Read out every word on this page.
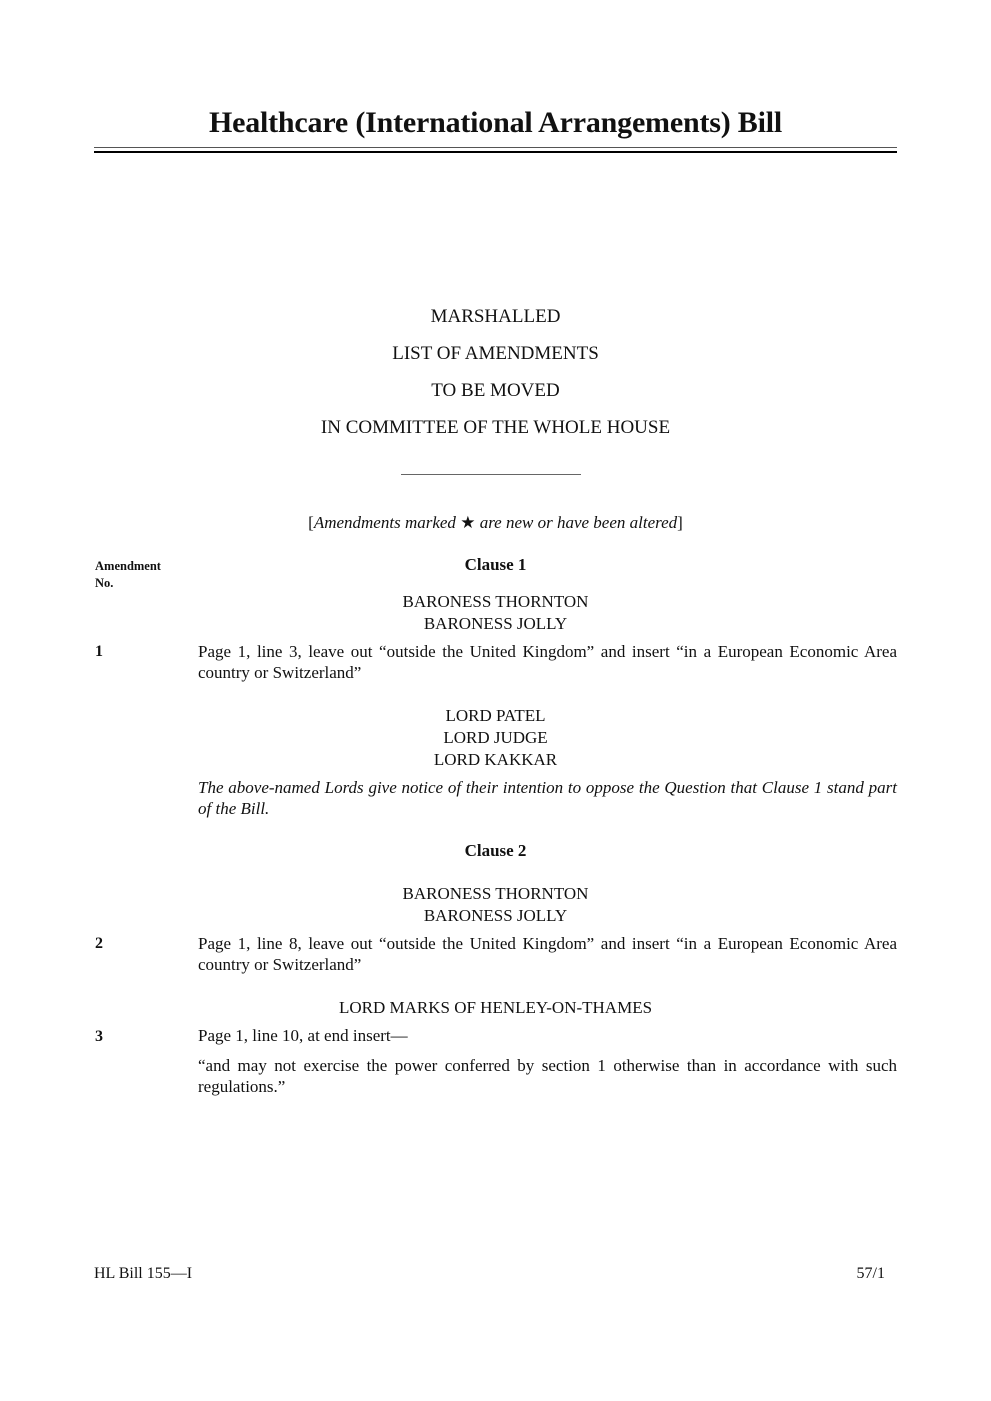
Healthcare (International Arrangements) Bill
MARSHALLED
LIST OF AMENDMENTS
TO BE MOVED
IN COMMITTEE OF THE WHOLE HOUSE
[Amendments marked ★ are new or have been altered]
Amendment
No.
Clause 1
BARONESS THORNTON
BARONESS JOLLY
1	Page 1, line 3, leave out “outside the United Kingdom” and insert “in a European Economic Area country or Switzerland”
LORD PATEL
LORD JUDGE
LORD KAKKAR
The above-named Lords give notice of their intention to oppose the Question that Clause 1 stand part of the Bill.
Clause 2
BARONESS THORNTON
BARONESS JOLLY
2	Page 1, line 8, leave out “outside the United Kingdom” and insert “in a European Economic Area country or Switzerland”
LORD MARKS OF HENLEY-ON-THAMES
3	Page 1, line 10, at end insert—
“and may not exercise the power conferred by section 1 otherwise than in accordance with such regulations.”
HL Bill 155—I	57/1
